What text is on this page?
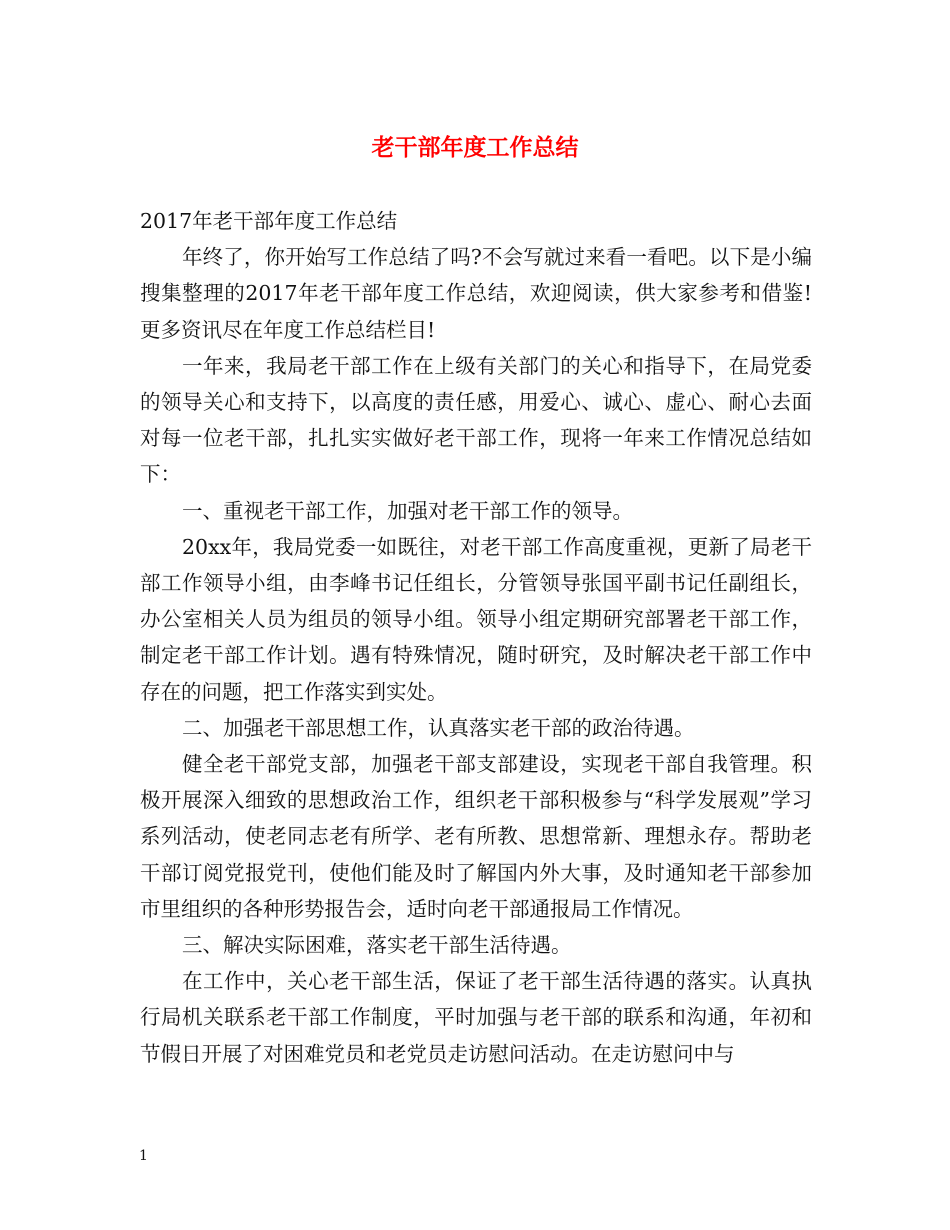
老干部年度工作总结

2017年老干部年度工作总结

年终了，你开始写工作总结了吗?不会写就过来看一看吧。以下是小编搜集整理的2017年老干部年度工作总结，欢迎阅读，供大家参考和借鉴!更多资讯尽在年度工作总结栏目!

一年来，我局老干部工作在上级有关部门的关心和指导下，在局党委的领导关心和支持下，以高度的责任感，用爱心、诚心、虚心、耐心去面对每一位老干部，扎扎实实做好老干部工作，现将一年来工作情况总结如下：

一、重视老干部工作，加强对老干部工作的领导。

20xx年，我局党委一如既往，对老干部工作高度重视，更新了局老干部工作领导小组，由李峰书记任组长，分管领导张国平副书记任副组长，办公室相关人员为组员的领导小组。领导小组定期研究部署老干部工作，制定老干部工作计划。遇有特殊情况，随时研究，及时解决老干部工作中存在的问题，把工作落实到实处。

二、加强老干部思想工作，认真落实老干部的政治待遇。

健全老干部党支部，加强老干部支部建设，实现老干部自我管理。积极开展深入细致的思想政治工作，组织老干部积极参与“科学发展观”学习系列活动，使老同志老有所学、老有所教、思想常新、理想永存。帮助老干部订阅党报党刊，使他们能及时了解国内外大事，及时通知老干部参加市里组织的各种形势报告会，适时向老干部通报局工作情况。

三、解决实际困难，落实老干部生活待遇。

在工作中，关心老干部生活，保证了老干部生活待遇的落实。认真执行局机关联系老干部工作制度，平时加强与老干部的联系和沟通，年初和节假日开展了对困难党员和老党员走访慰问活动。在走访慰问中与

1
